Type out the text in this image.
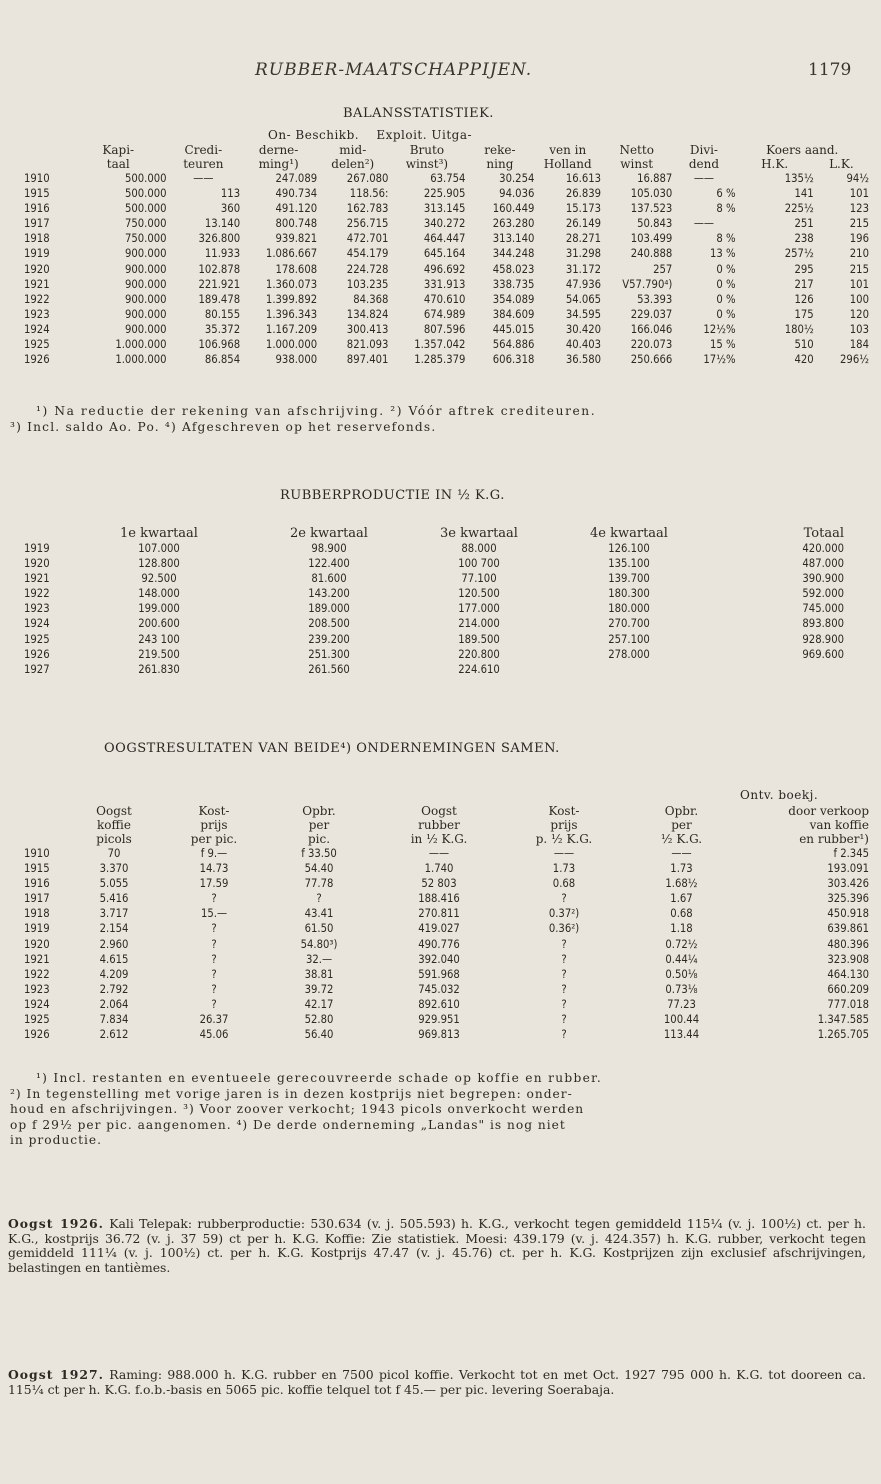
RUBBER-MAATSCHAPPIJEN.	1179
BALANSSTATISTIEK.
On- Beschikb.    Exploit. Uitga-
	Kapi-	Credi-	derne-	mid-	Bruto	reke-	ven in	Netto	Divi-	Koers aand.	
	taal	teuren	ming¹)	delen²)	winst³)	ning	Holland	winst	dend	H.K.	L.K.
1910	500.000	——	247.089	267.080	63.754	30.254	16.613	16.887	——	135½	94½
1915	500.000	113	490.734	118.56:	225.905	94.036	26.839	105.030	6 %	141	101
1916	500.000	360	491.120	162.783	313.145	160.449	15.173	137.523	8 %	225½	123
1917	750.000	13.140	800.748	256.715	340.272	263.280	26.149	50.843	——	251	215
1918	750.000	326.800	939.821	472.701	464.447	313.140	28.271	103.499	8 %	238	196
1919	900.000	11.933	1.086.667	454.179	645.164	344.248	31.298	240.888	13 %	257½	210
1920	900.000	102.878	178.608	224.728	496.692	458.023	31.172	257	0 %	295	215
1921	900.000	221.921	1.360.073	103.235	331.913	338.735	47.936	V57.790⁴)	0 %	217	101
1922	900.000	189.478	1.399.892	84.368	470.610	354.089	54.065	53.393	0 %	126	100
1923	900.000	80.155	1.396.343	134.824	674.989	384.609	34.595	229.037	0 %	175	120
1924	900.000	35.372	1.167.209	300.413	807.596	445.015	30.420	166.046	12½%	180½	103
1925	1.000.000	106.968	1.000.000	821.093	1.357.042	564.886	40.403	220.073	15 %	510	184
1926	1.000.000	86.854	938.000	897.401	1.285.379	606.318	36.580	250.666	17½%	420	296½
¹) Na reductie der rekening van afschrijving. ²) Vóór aftrek crediteuren.
³) Incl. saldo Ao. Po. ⁴) Afgeschreven op het reservefonds.
RUBBERPRODUCTIE IN ½ K.G.
	1e kwartaal	2e kwartaal	3e kwartaal	4e kwartaal	Totaal
1919	107.000	98.900	88.000	126.100	420.000
1920	128.800	122.400	100 700	135.100	487.000
1921	92.500	81.600	77.100	139.700	390.900
1922	148.000	143.200	120.500	180.300	592.000
1923	199.000	189.000	177.000	180.000	745.000
1924	200.600	208.500	214.000	270.700	893.800
1925	243 100	239.200	189.500	257.100	928.900
1926	219.500	251.300	220.800	278.000	969.600
1927	261.830	261.560	224.610		
OOGSTRESULTATEN VAN BEIDE⁴) ONDERNEMINGEN SAMEN.
Ontv. boekj.
	Oogst	Kost-	Opbr.	Oogst	Kost-	Opbr.	door verkoop
	koffie	prijs	per	rubber	prijs	per	van koffie
	picols	per pic.	pic.	in ½ K.G.	p. ½ K.G.	½ K.G.	en rubber¹)
1910	70	f 9.—	f 33.50	——	——	——	f 2.345
1915	3.370	14.73	54.40	1.740	1.73	1.73	193.091
1916	5.055	17.59	77.78	52 803	0.68	1.68½	303.426
1917	5.416	?	?	188.416	?	1.67	325.396
1918	3.717	15.—	43.41	270.811	0.37²)	0.68	450.918
1919	2.154	?	61.50	419.027	0.36²)	1.18	639.861
1920	2.960	?	54.80³)	490.776	?	0.72½	480.396
1921	4.615	?	32.—	392.040	?	0.44¼	323.908
1922	4.209	?	38.81	591.968	?	0.50⅛	464.130
1923	2.792	?	39.72	745.032	?	0.73⅛	660.209
1924	2.064	?	42.17	892.610	?	77.23	777.018
1925	7.834	26.37	52.80	929.951	?	100.44	1.347.585
1926	2.612	45.06	56.40	969.813	?	113.44	1.265.705
¹) Incl. restanten en eventueele gerecouvreerde schade op koffie en rubber.
²) In tegenstelling met vorige jaren is in dezen kostprijs niet begrepen: onder-
houd en afschrijvingen. ³) Voor zoover verkocht; 1943 picols onverkocht werden
op f 29½ per pic. aangenomen. ⁴) De derde onderneming „Landas" is nog niet
in productie.
Oogst 1926. Kali Telepak: rubberproductie: 530.634 (v. j. 505.593) h. K.G., verkocht tegen gemiddeld 115¼ (v. j. 100½) ct. per h. K.G., kostprijs 36.72 (v. j. 37 59) ct per h. K.G. Koffie: Zie statistiek. Moesi: 439.179 (v. j. 424.357) h. K.G. rubber, verkocht tegen gemiddeld 111¼ (v. j. 100½) ct. per h. K.G. Kostprijs 47.47 (v. j. 45.76) ct. per h. K.G. Kostprijzen zijn exclusief afschrijvingen, belastingen en tantièmes.
Oogst 1927. Raming: 988.000 h. K.G. rubber en 7500 picol koffie. Verkocht tot en met Oct. 1927 795 000 h. K.G. tot dooreen ca. 115¼ ct per h. K.G. f.o.b.-basis en 5065 pic. koffie telquel tot f 45.— per pic. levering Soerabaja.
